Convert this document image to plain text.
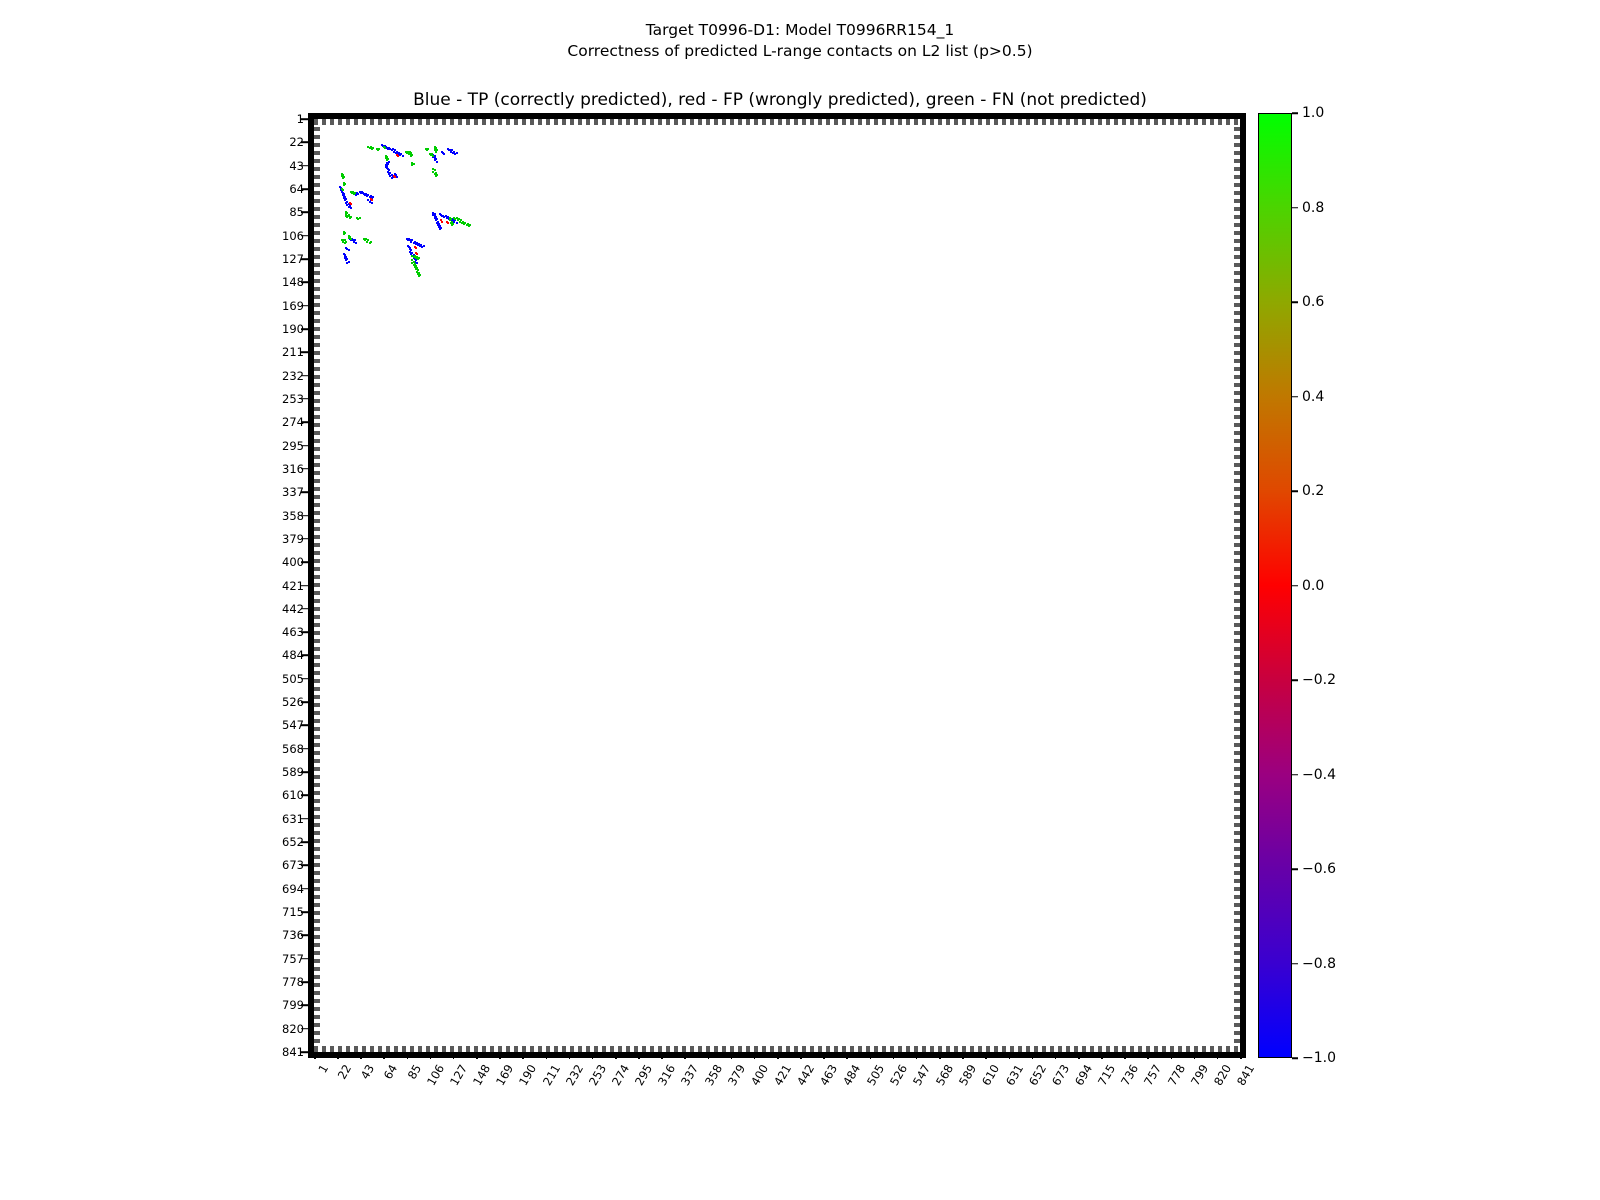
Target T0996-D1: Model T0996RR154_1
Correctness of predicted L-range contacts on L2 list (p>0.5)
Blue - TP (correctly predicted), red - FP (wrongly predicted), green - FN (not predicted)
1
22
43
64
85
106
127
148
169
190
211
232
253
274
295
316
337
358
379
400
421
442
463
484
505
526
547
568
589
610
631
652
673
694
715
736
757
778
799
820
841
1 22 43 64 85 106 127 148 169 190 211 232 253 274 295 316 337 358 379 400 421 442 463 484 505 526 547 568 589 610 631 652 673 694 715 736 757 778 799 820 841
1.0
0.8
0.6
0.4
0.2
0.0
−0.2
−0.4
−0.6
−0.8
−1.0
